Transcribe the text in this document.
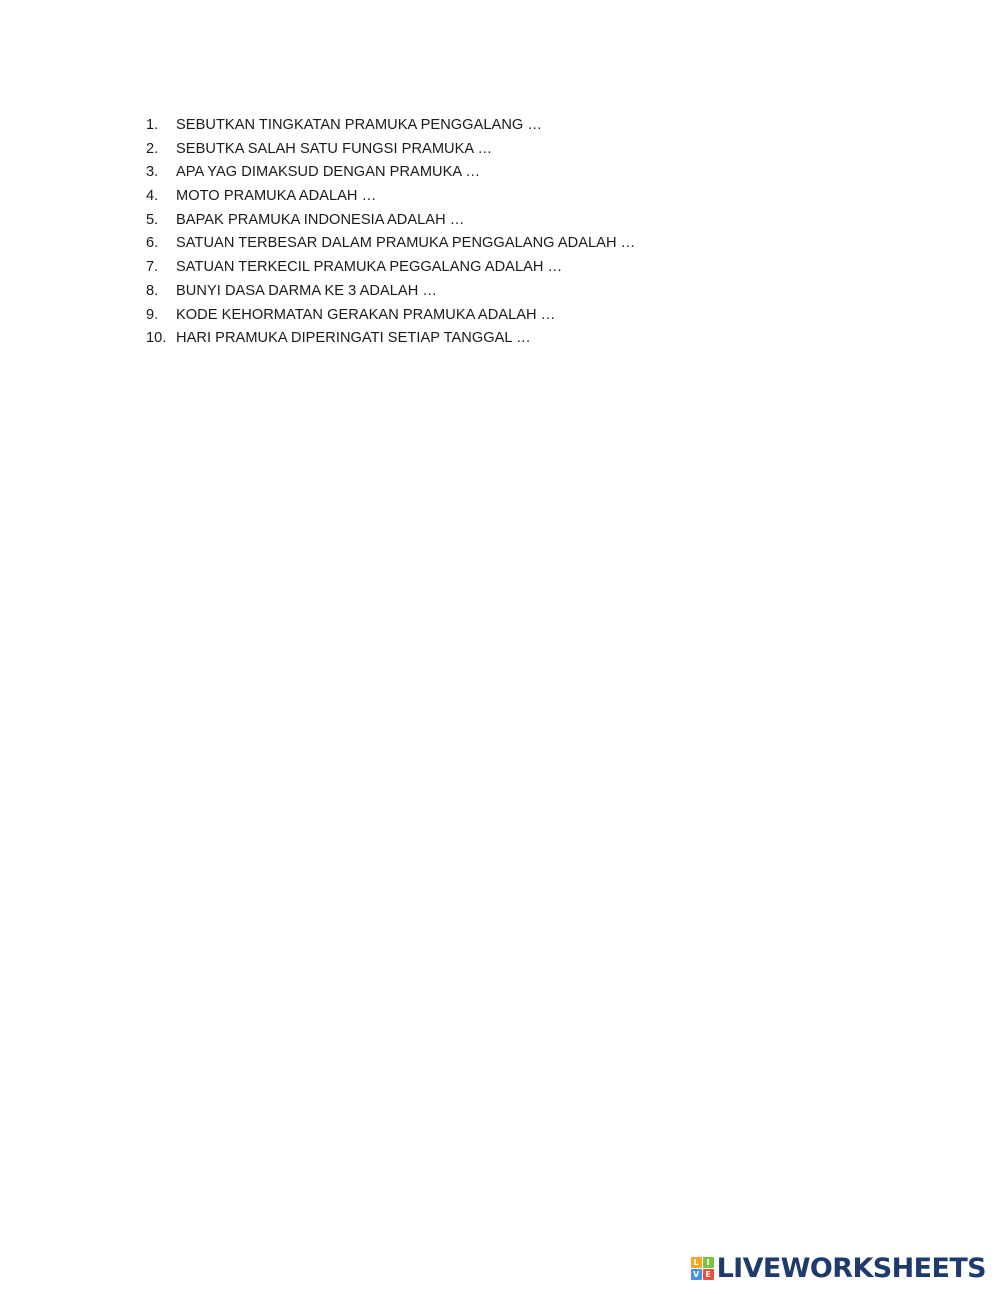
1.	SEBUTKAN TINGKATAN PRAMUKA PENGGALANG …
2.	SEBUTKA SALAH SATU FUNGSI PRAMUKA …
3.	APA YAG DIMAKSUD DENGAN PRAMUKA …
4.	MOTO PRAMUKA ADALAH …
5.	BAPAK PRAMUKA INDONESIA ADALAH …
6.	SATUAN TERBESAR DALAM PRAMUKA PENGGALANG ADALAH …
7.	SATUAN TERKECIL PRAMUKA PEGGALANG ADALAH …
8.	BUNYI DASA DARMA KE 3 ADALAH …
9.	KODE KEHORMATAN GERAKAN PRAMUKA ADALAH …
10. HARI PRAMUKA DIPERINGATI SETIAP TANGGAL …
L I
V E LIVEWORKSHEETS
